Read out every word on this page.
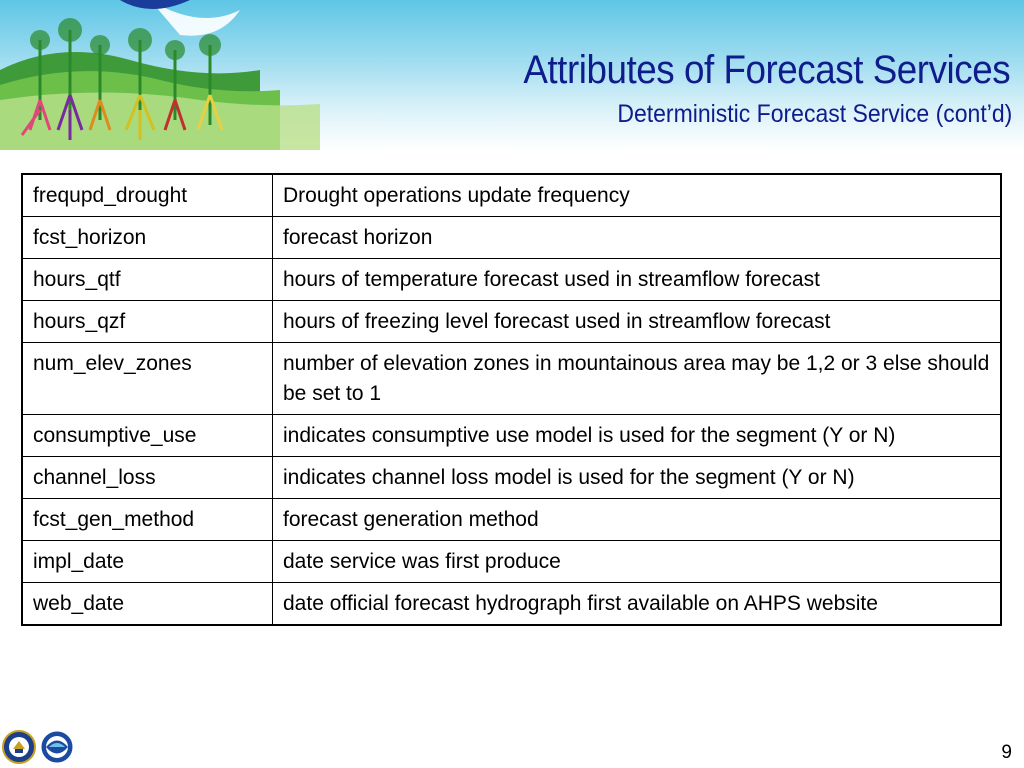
Attributes of Forecast Services
Deterministic Forecast Service (cont’d)
frequpd_drought	Drought operations update frequency
fcst_horizon	forecast horizon
hours_qtf	hours of temperature forecast used in streamflow forecast
hours_qzf	hours of freezing level forecast used in streamflow forecast
num_elev_zones	number of elevation zones in mountainous area may be 1,2 or 3 else should be set to 1
consumptive_use	indicates consumptive use model is used for the segment (Y or N)
channel_loss	indicates channel loss model is used for the segment (Y or N)
fcst_gen_method	forecast generation method
impl_date	date service was first produce
web_date	date official forecast hydrograph first available on AHPS website
9
